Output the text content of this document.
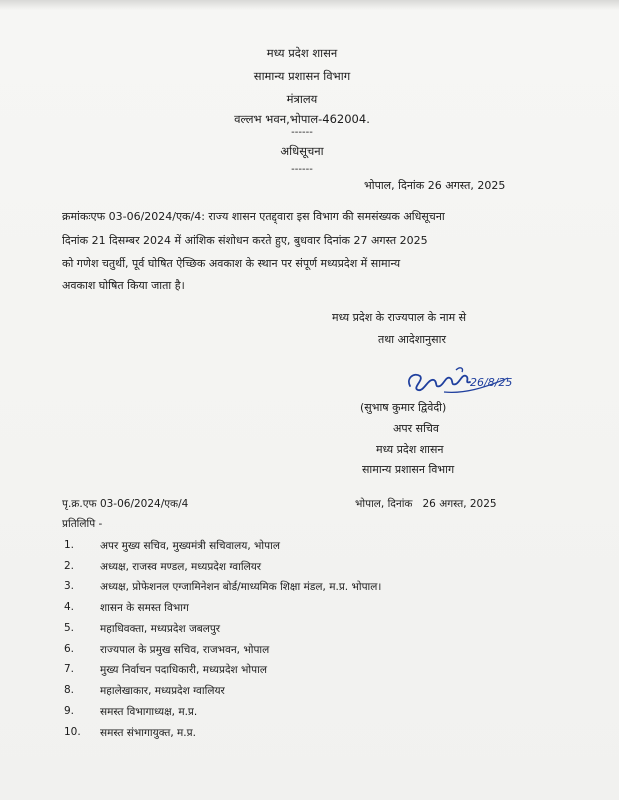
मध्य प्रदेश शासन
सामान्य प्रशासन विभाग
मंत्रालय
वल्लभ भवन,भोपाल-462004.
------
अधिसूचना
------
भोपाल, दिनांक 26 अगस्त, 2025
क्रमांकःएफ 03-06/2024/एक/4: राज्य शासन एतद्द्वारा इस विभाग की समसंख्यक अधिसूचना
दिनांक 21 दिसम्बर 2024 में आंशिक संशोधन करते हुए, बुधवार दिनांक 27 अगस्त 2025
को गणेश चतुर्थी, पूर्व घोषित ऐच्छिक अवकाश के स्थान पर संपूर्ण मध्यप्रदेश में सामान्य
अवकाश घोषित किया जाता है।
मध्य प्रदेश के राज्यपाल के नाम से
तथा आदेशानुसार
26/8/25
(सुभाष कुमार द्विवेदी)
अपर सचिव
मध्य प्रदेश शासन
सामान्य प्रशासन विभाग
पृ.क्र.एफ 03-06/2024/एक/4	भोपाल, दिनांक   26 अगस्त, 2025
प्रतिलिपि -
1. अपर मुख्य सचिव, मुख्यमंत्री सचिवालय, भोपाल
2. अध्यक्ष, राजस्व मण्डल, मध्यप्रदेश ग्वालियर
3. अध्यक्ष, प्रोफेशनल एग्जामिनेशन बोर्ड/माध्यमिक शिक्षा मंडल, म.प्र. भोपाल।
4. शासन के समस्त विभाग
5. महाधिवक्ता, मध्यप्रदेश जबलपुर
6. राज्यपाल के प्रमुख सचिव, राजभवन, भोपाल
7. मुख्य निर्वाचन पदाधिकारी, मध्यप्रदेश भोपाल
8. महालेखाकार, मध्यप्रदेश ग्वालियर
9. समस्त विभागाध्यक्ष, म.प्र.
10. समस्त संभागायुक्त, म.प्र.
